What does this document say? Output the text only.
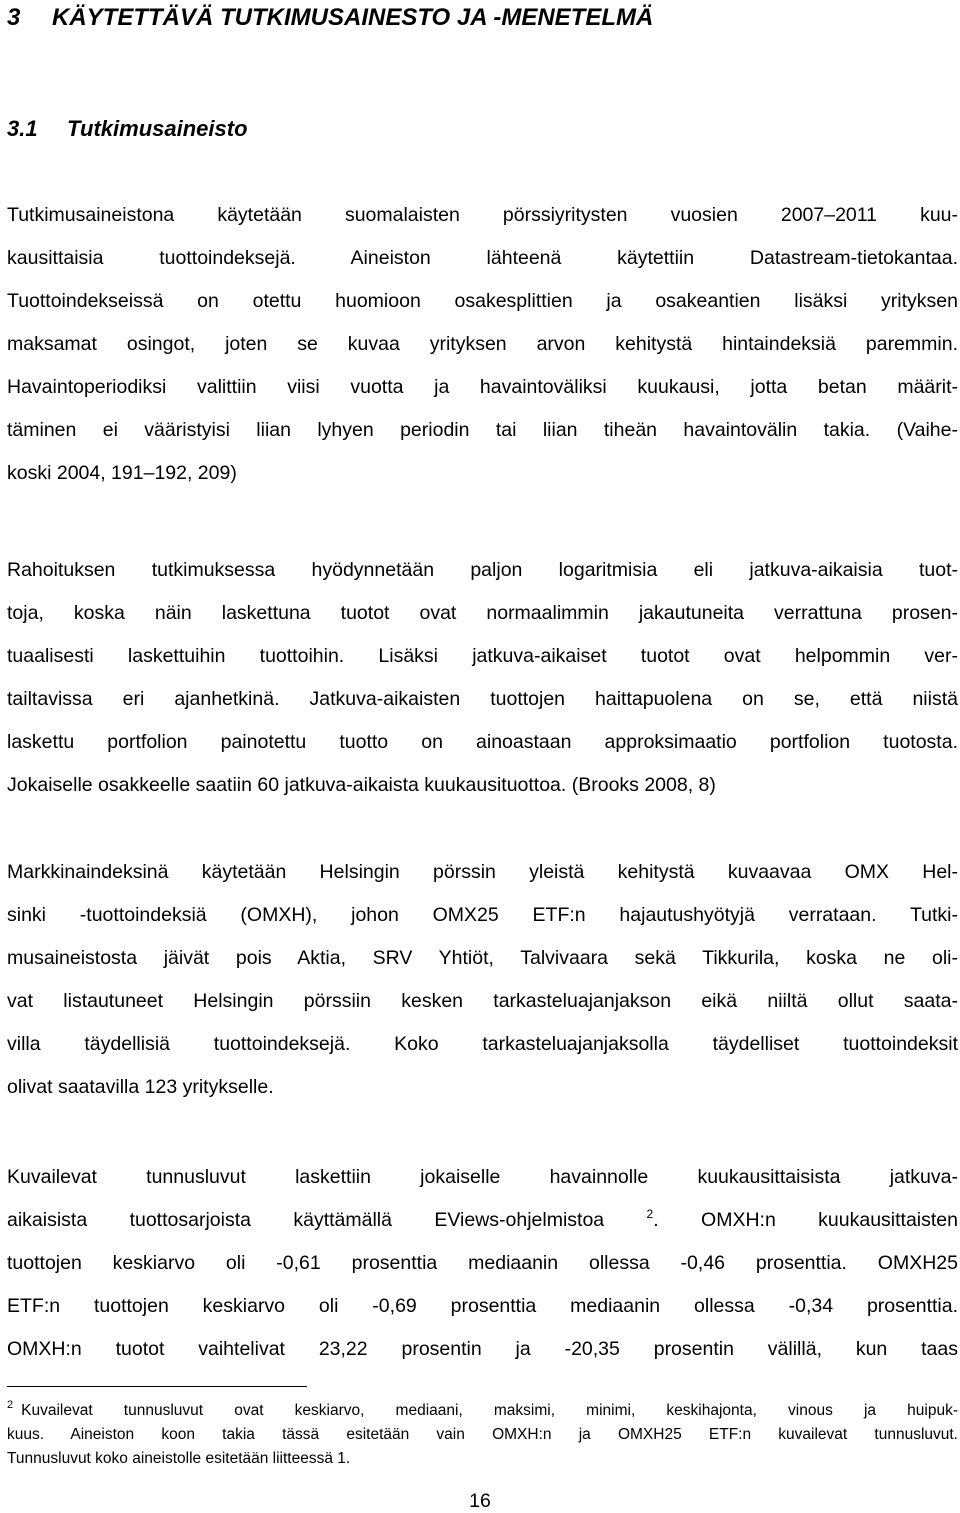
3 KÄYTETTÄVÄ TUTKIMUSAINESTO JA -MENETELMÄ
3.1 Tutkimusaineisto
Tutkimusaineistona käytetään suomalaisten pörssiyritysten vuosien 2007–2011 kuu-
kausittaisia tuottoindeksejä. Aineiston lähteenä käytettiin Datastream-tietokantaa.
Tuottoindekseissä on otettu huomioon osakesplittien ja osakeantien lisäksi yrityksen
maksamat osingot, joten se kuvaa yrityksen arvon kehitystä hintaindeksiä paremmin.
Havaintoperiodiksi valittiin viisi vuotta ja havaintoväliksi kuukausi, jotta betan määrit-
täminen ei vääristyisi liian lyhyen periodin tai liian tiheän havaintovälin takia. (Vaihe-
koski 2004, 191–192, 209)
Rahoituksen tutkimuksessa hyödynnetään paljon logaritmisia eli jatkuva-aikaisia tuot-
toja, koska näin laskettuna tuotot ovat normaalimmin jakautuneita verrattuna prosen-
tuaalisesti laskettuihin tuottoihin. Lisäksi jatkuva-aikaiset tuotot ovat helpommin ver-
tailtavissa eri ajanhetkinä. Jatkuva-aikaisten tuottojen haittapuolena on se, että niistä
laskettu portfolion painotettu tuotto on ainoastaan approksimaatio portfolion tuotosta.
Jokaiselle osakkeelle saatiin 60 jatkuva-aikaista kuukausituottoa. (Brooks 2008, 8)
Markkinaindeksinä käytetään Helsingin pörssin yleistä kehitystä kuvaavaa OMX Hel-
sinki -tuottoindeksiä (OMXH), johon OMX25 ETF:n hajautushyötyjä verrataan. Tutki-
musaineistosta jäivät pois Aktia, SRV Yhtiöt, Talvivaara sekä Tikkurila, koska ne oli-
vat listautuneet Helsingin pörssiin kesken tarkasteluajanjakson eikä niiltä ollut saata-
villa täydellisiä tuottoindeksejä. Koko tarkasteluajanjaksolla täydelliset tuottoindeksit
olivat saatavilla 123 yritykselle.
Kuvailevat tunnusluvut laskettiin jokaiselle havainnolle kuukausittaisista jatkuva-
aikaisista tuottosarjoista käyttämällä EViews-ohjelmistoa	$^2$. OMXH:n kuukausittaisten
tuottojen keskiarvo oli -0,61 prosenttia mediaanin ollessa -0,46 prosenttia. OMXH25
ETF:n tuottojen keskiarvo oli -0,69 prosenttia mediaanin ollessa -0,34 prosenttia.
OMXH:n tuotot vaihtelivat 23,22 prosentin ja -20,35 prosentin välillä, kun taas
$^2$ Kuvailevat tunnusluvut ovat keskiarvo, mediaani, maksimi, minimi, keskihajonta, vinous ja huipuk-
kuus. Aineiston koon takia tässä esitetään vain OMXH:n ja OMXH25 ETF:n kuvailevat tunnusluvut.
Tunnusluvut koko aineistolle esitetään liitteessä 1.
16
